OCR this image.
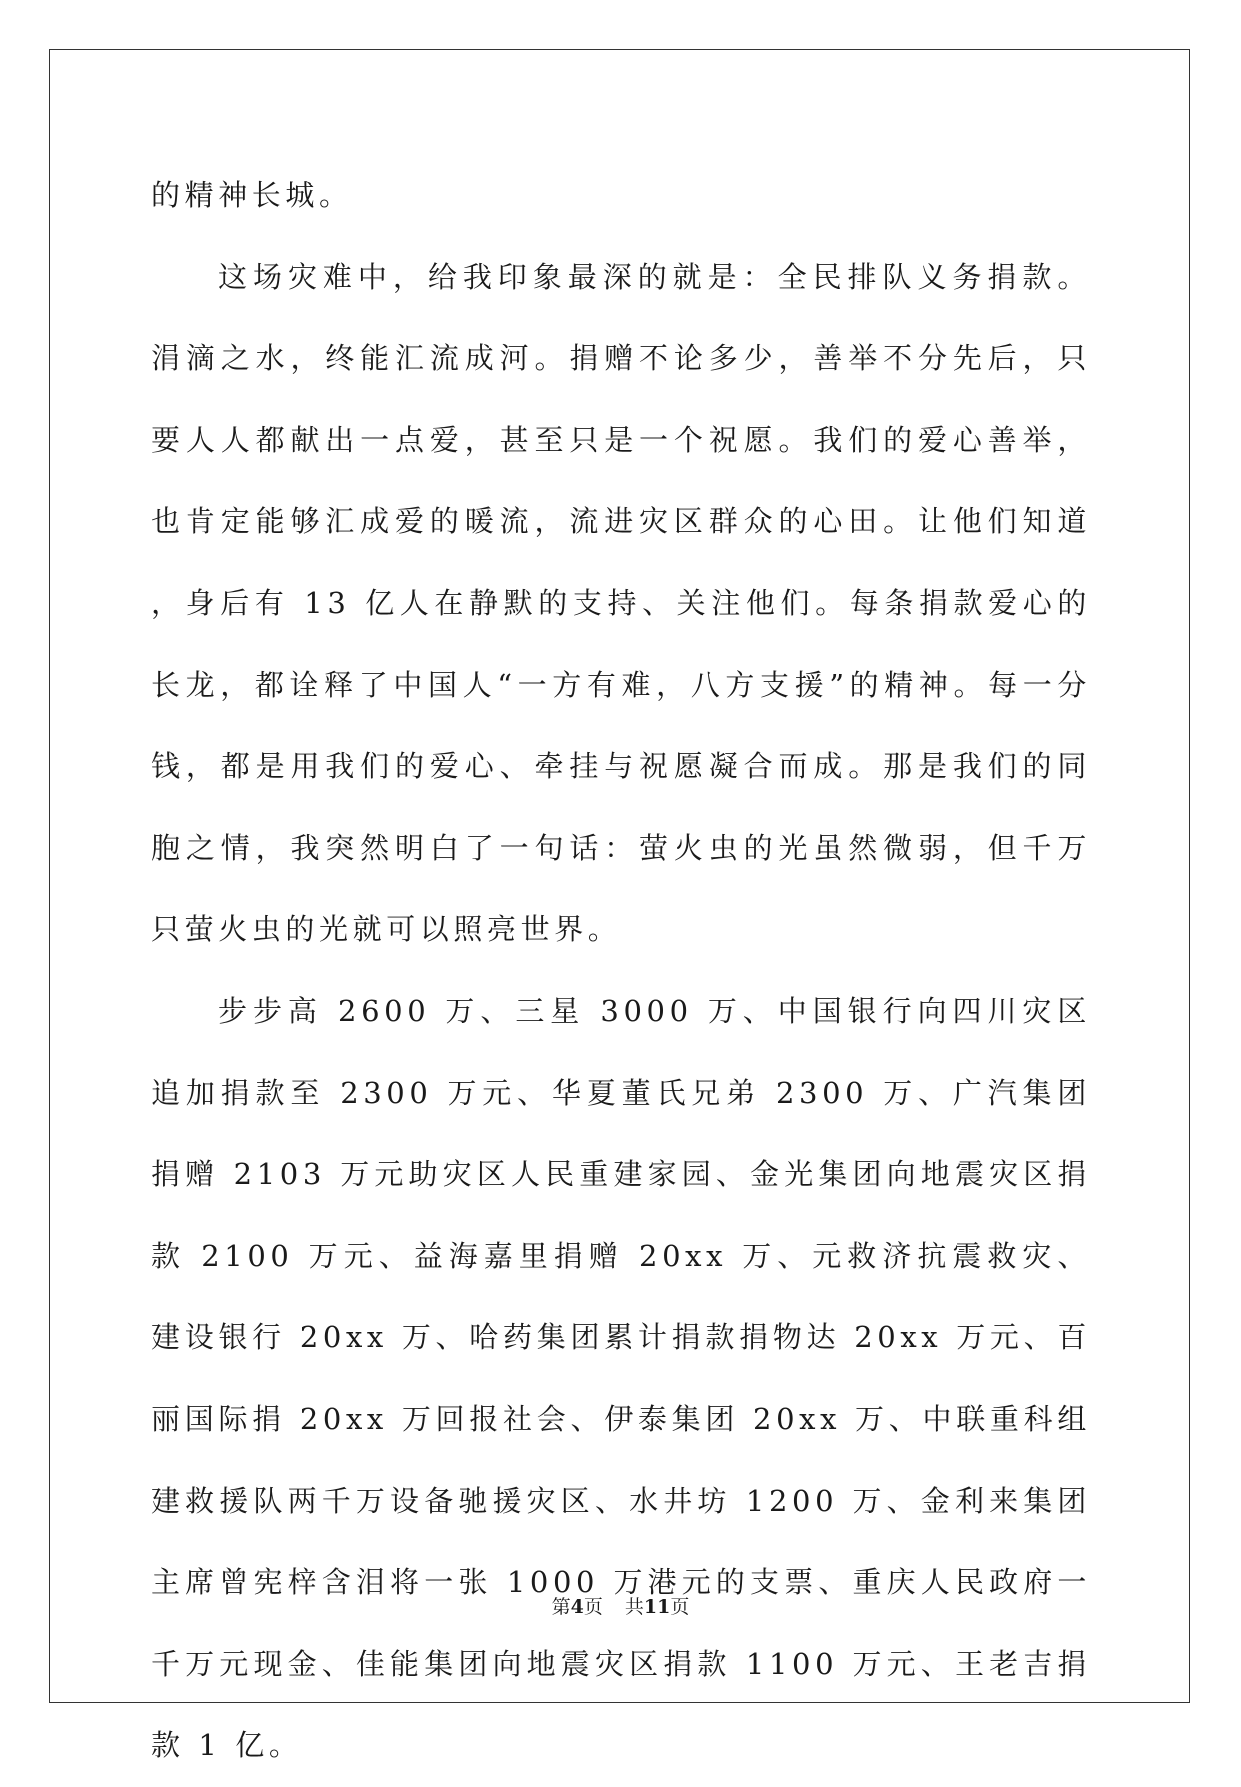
的精神长城。

这场灾难中，给我印象最深的就是：全民排队义务捐款。涓滴之水，终能汇流成河。捐赠不论多少，善举不分先后，只要人人都献出一点爱，甚至只是一个祝愿。我们的爱心善举，也肯定能够汇成爱的暖流，流进灾区群众的心田。让他们知道，身后有 13 亿人在静默的支持、关注他们。每条捐款爱心的长龙，都诠释了中国人“一方有难，八方支援”的精神。每一分钱，都是用我们的爱心、牵挂与祝愿凝合而成。那是我们的同胞之情，我突然明白了一句话：萤火虫的光虽然微弱，但千万只萤火虫的光就可以照亮世界。

步步高 2600 万、三星 3000 万、中国银行向四川灾区追加捐款至 2300 万元、华夏董氏兄弟 2300 万、广汽集团捐赠 2103 万元助灾区人民重建家园、金光集团向地震灾区捐款 2100 万元、益海嘉里捐赠 20xx 万、元救济抗震救灾、建设银行 20xx 万、哈药集团累计捐款捐物达 20xx 万元、百丽国际捐 20xx 万回报社会、伊泰集团 20xx 万、中联重科组建救援队两千万设备驰援灾区、水井坊 1200 万、金利来集团主席曾宪梓含泪将一张 1000 万港元的支票、重庆人民政府一千万元现金、佳能集团向地震灾区捐款 1100 万元、王老吉捐款 1 亿。

第4页 共11页
